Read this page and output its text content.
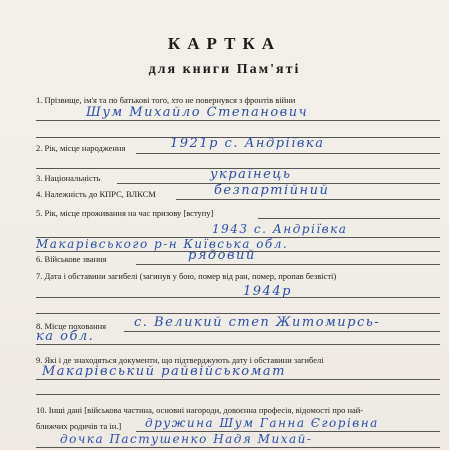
КАРТКА
для книги Пам'яті
1. Прізвище, ім'я та по батькові того, хто не повернувся з фронтів війни
Шум Михайло Степанович
2. Рік, місце народження	1921р с. Андріївка
3. Національність	українець
4. Належність до КПРС, ВЛКСМ	безпартійний
5. Рік, місце проживання на час призову [вступу]
1943 с. Андріївка
Макарівського р-н Київська обл.
6. Військове звання	рядовий
7. Дата і обставини загибелі (загинув у бою, помер від ран, помер, пропав безвісті)
1944р
8. Місце поховання с. Великий степ Житомирсь-
ка обл.
9. Які і де знаходяться документи, що підтверджують дату і обставини загибелі
Макарівський райвійськомат
10. Інші дані [військова частина, основні нагороди, довоєнна професія, відомості про най-
ближчих родичів та ін.] дружина Шум Ганна Єгорівна
дочка Пастушенко Надя Михай-
